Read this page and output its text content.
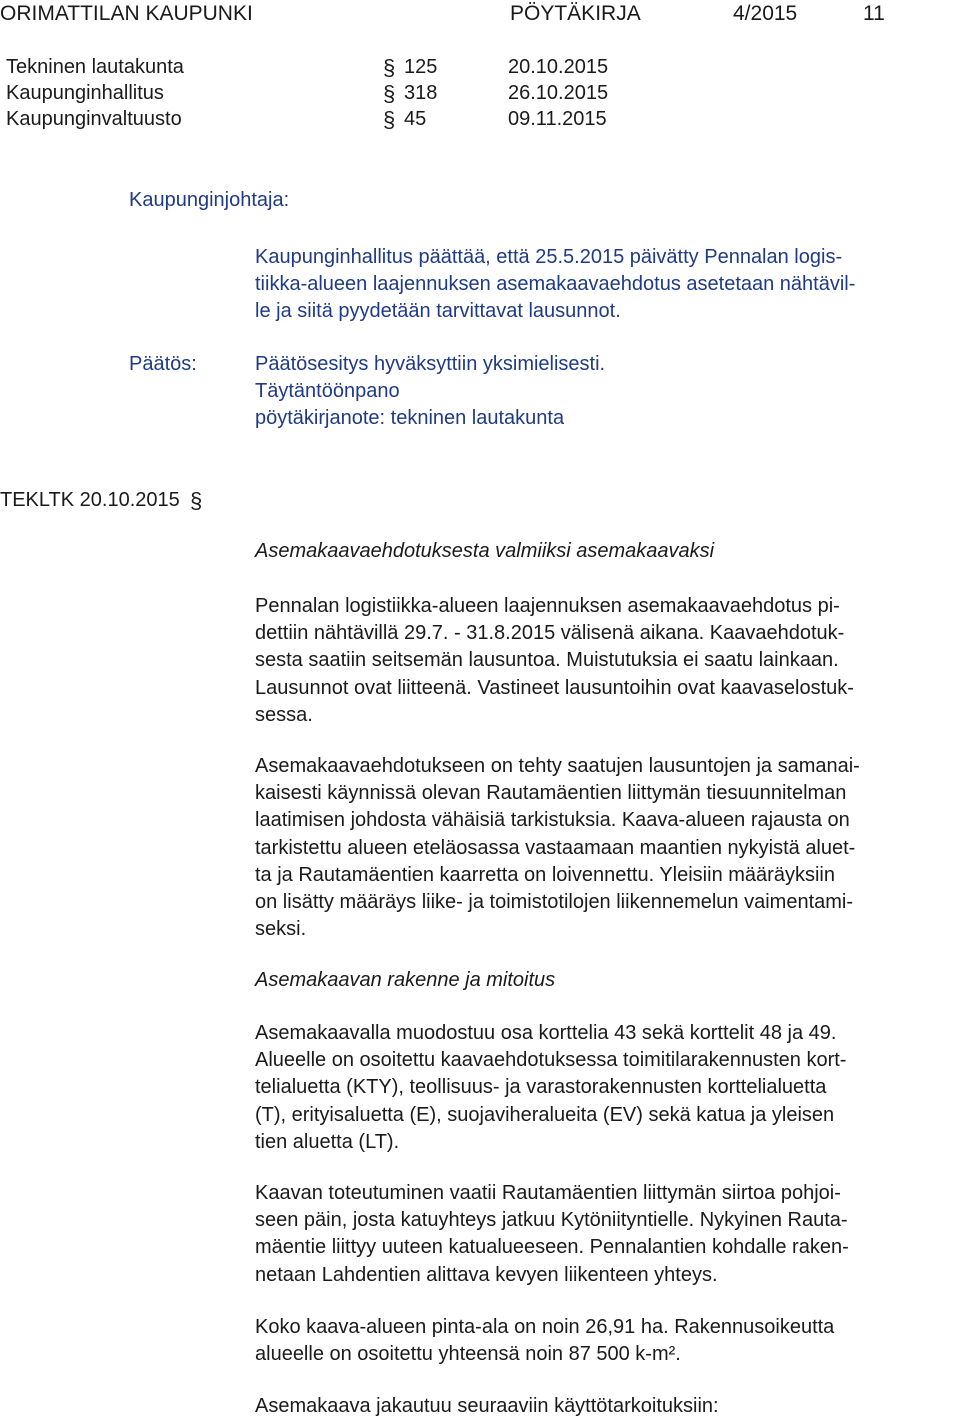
ORIMATTILAN KAUPUNKI	PÖYTÄKIRJA	4/2015	11
Tekninen lautakunta	§ 125	20.10.2015
Kaupunginhallitus	§ 318	26.10.2015
Kaupunginvaltuusto	§ 45	09.11.2015
Kaupunginjohtaja:
Kaupunginhallitus päättää, että 25.5.2015 päivätty Pennalan logis-
tiikka-alueen laajennuksen asemakaavaehdotus asetetaan nähtävil-
le ja siitä pyydetään tarvittavat lausunnot.
Päätös:	Päätösesitys hyväksyttiin yksimielisesti.
Täytäntöönpano
pöytäkirjanote: tekninen lautakunta
TEKLTK 20.10.2015 §
Asemakaavaehdotuksesta valmiiksi asemakaavaksi
Pennalan logistiikka-alueen laajennuksen asemakaavaehdotus pi-
dettiin nähtävillä 29.7. - 31.8.2015 välisenä aikana. Kaavaehdotuk-
sesta saatiin seitsemän lausuntoa. Muistutuksia ei saatu lainkaan.
Lausunnot ovat liitteenä. Vastineet lausuntoihin ovat kaavaselostuk-
sessa.
Asemakaavaehdotukseen on tehty saatujen lausuntojen ja samanai-
kaisesti käynnissä olevan Rautamäentien liittymän tiesuunnitelman
laatimisen johdosta vähäisiä tarkistuksia. Kaava-alueen rajausta on
tarkistettu alueen eteläosassa vastaamaan maantien nykyistä aluet-
ta ja Rautamäentien kaarretta on loivennettu. Yleisiin määräyksiin
on lisätty määräys liike- ja toimistotilojen liikennemelun vaimentami-
seksi.
Asemakaavan rakenne ja mitoitus
Asemakaavalla muodostuu osa korttelia 43 sekä korttelit 48 ja 49.
Alueelle on osoitettu kaavaehdotuksessa toimitilarakennusten kort-
telialuetta (KTY), teollisuus- ja varastorakennusten korttelialuetta
(T), erityisaluetta (E), suojaviheralueita (EV) sekä katua ja yleisen
tien aluetta (LT).
Kaavan toteutuminen vaatii Rautamäentien liittymän siirtoa pohjoi-
seen päin, josta katuyhteys jatkuu Kytöniityntielle. Nykyinen Rauta-
mäentie liittyy uuteen katualueeseen. Pennalantien kohdalle raken-
netaan Lahdentien alittava kevyen liikenteen yhteys.
Koko kaava-alueen pinta-ala on noin 26,91 ha. Rakennusoikeutta
alueelle on osoitettu yhteensä noin 87 500 k-m².
Asemakaava jakautuu seuraaviin käyttötarkoituksiin:
